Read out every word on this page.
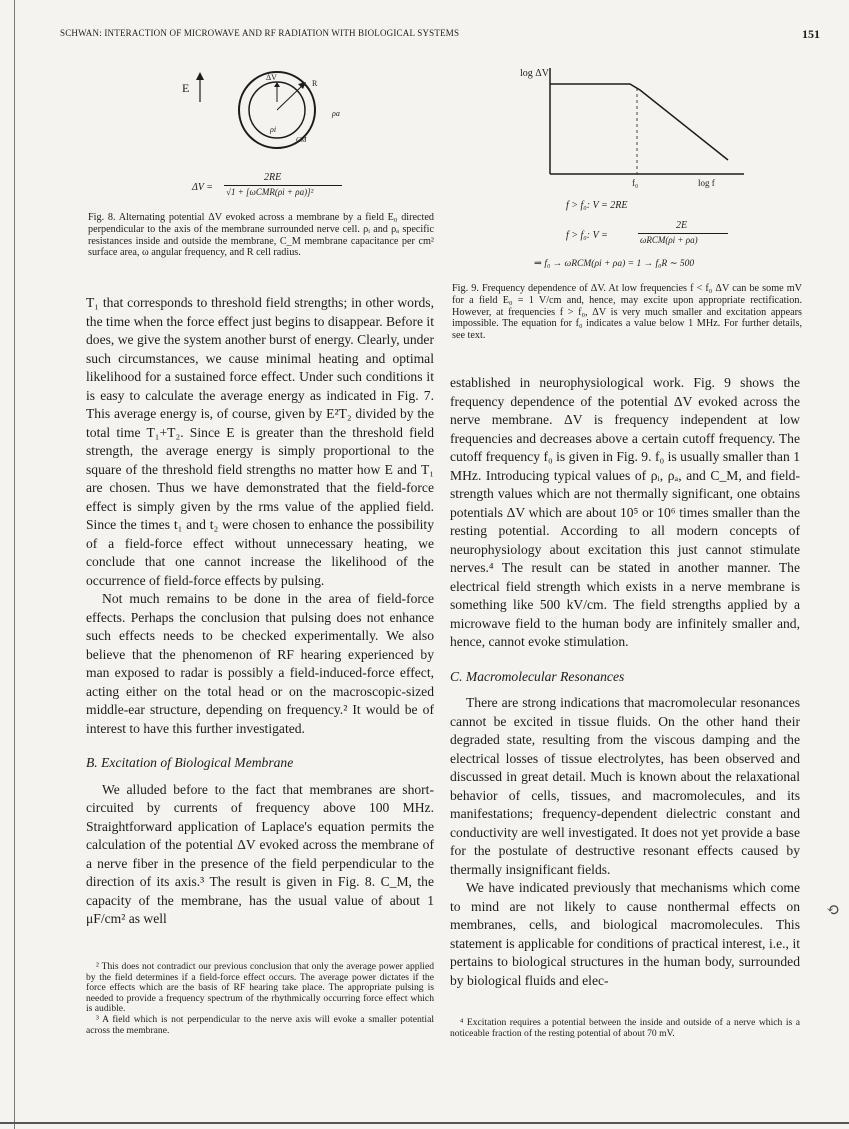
SCHWAN: INTERACTION OF MICROWAVE AND RF RADIATION WITH BIOLOGICAL SYSTEMS	151
E
ΔV
R
ρa
ρi
CM
ΔV =
2RE
√1 + [ωCMR(ρi + ρa)]²
Fig. 8. Alternating potential ΔV evoked across a membrane by a field E₀ directed perpendicular to the axis of the membrane surrounded nerve cell. ρᵢ and ρₐ specific resistances inside and outside the membrane, C_M membrane capacitance per cm² surface area, ω angular frequency, and R cell radius.
log ΔV
f₀	log f
f > f₀: V = 2RE
f > f₀: V =
2E
ωRCM(ρi + ρa)
⇒ f₀ → ωRCM(ρi + ρa) = 1 → f₀R ∼ 500
Fig. 9. Frequency dependence of ΔV. At low frequencies f < f₀ ΔV can be some mV for a field E₀ = 1 V/cm and, hence, may excite upon appropriate rectification. However, at frequencies f > f₀, ΔV is very much smaller and excitation appears impossible. The equation for f₀ indicates a value below 1 MHz. For further details, see text.

T₁ that corresponds to threshold field strengths; in other words, the time when the force effect just begins to disappear. Before it does, we give the system another burst of energy. Clearly, under such circumstances, we cause minimal heating and optimal likelihood for a sustained force effect. Under such conditions it is easy to calculate the average energy as indicated in Fig. 7. This average energy is, of course, given by E²T₂ divided by the total time T₁+T₂. Since E is greater than the threshold field strength, the average energy is simply proportional to the square of the threshold field strengths no matter how E and T₁ are chosen. Thus we have demonstrated that the field-force effect is simply given by the rms value of the applied field. Since the times t₁ and t₂ were chosen to enhance the possibility of a field-force effect without unnecessary heating, we conclude that one cannot increase the likelihood of the occurrence of field-force effects by pulsing.

Not much remains to be done in the area of field-force effects. Perhaps the conclusion that pulsing does not enhance such effects needs to be checked experimentally. We also believe that the phenomenon of RF hearing experienced by man exposed to radar is possibly a field-induced-force effect, acting either on the total head or on the macroscopic-sized middle-ear structure, depending on frequency.² It would be of interest to have this further investigated.

B. Excitation of Biological Membrane

We alluded before to the fact that membranes are short-circuited by currents of frequency above 100 MHz. Straightforward application of Laplace's equation permits the calculation of the potential ΔV evoked across the membrane of a nerve fiber in the presence of the field perpendicular to the direction of its axis.³ The result is given in Fig. 8. C_M, the capacity of the membrane, has the usual value of about 1 μF/cm² as well

² This does not contradict our previous conclusion that only the average power applied by the field determines if a field-force effect occurs. The average power dictates if the force effects which are the basis of RF hearing take place. The appropriate pulsing is needed to provide a frequency spectrum of the rhythmically occurring force effect which is audible.

³ A field which is not perpendicular to the nerve axis will evoke a smaller potential across the membrane.

established in neurophysiological work. Fig. 9 shows the frequency dependence of the potential ΔV evoked across the nerve membrane. ΔV is frequency independent at low frequencies and decreases above a certain cutoff frequency. The cutoff frequency f₀ is given in Fig. 9. f₀ is usually smaller than 1 MHz. Introducing typical values of ρᵢ, ρₐ, and C_M, and field-strength values which are not thermally significant, one obtains potentials ΔV which are about 10⁵ or 10⁶ times smaller than the resting potential. According to all modern concepts of neurophysiology about excitation this just cannot stimulate nerves.⁴ The result can be stated in another manner. The electrical field strength which exists in a nerve membrane is something like 500 kV/cm. The field strengths applied by a microwave field to the human body are infinitely smaller and, hence, cannot evoke stimulation.

C. Macromolecular Resonances

There are strong indications that macromolecular resonances cannot be excited in tissue fluids. On the other hand their degraded state, resulting from the viscous damping and the electrical losses of tissue electrolytes, has been observed and discussed in great detail. Much is known about the relaxational behavior of cells, tissues, and macromolecules, and its manifestations; frequency-dependent dielectric constant and conductivity are well investigated. It does not yet provide a base for the postulate of destructive resonant effects caused by thermally insignificant fields.

We have indicated previously that mechanisms which come to mind are not likely to cause nonthermal effects on membranes, cells, and biological macromolecules. This statement is applicable for conditions of practical interest, i.e., it pertains to biological structures in the human body, surrounded by biological fluids and elec-

⁴ Excitation requires a potential between the inside and outside of a nerve which is a noticeable fraction of the resting potential of about 70 mV.

⟲
